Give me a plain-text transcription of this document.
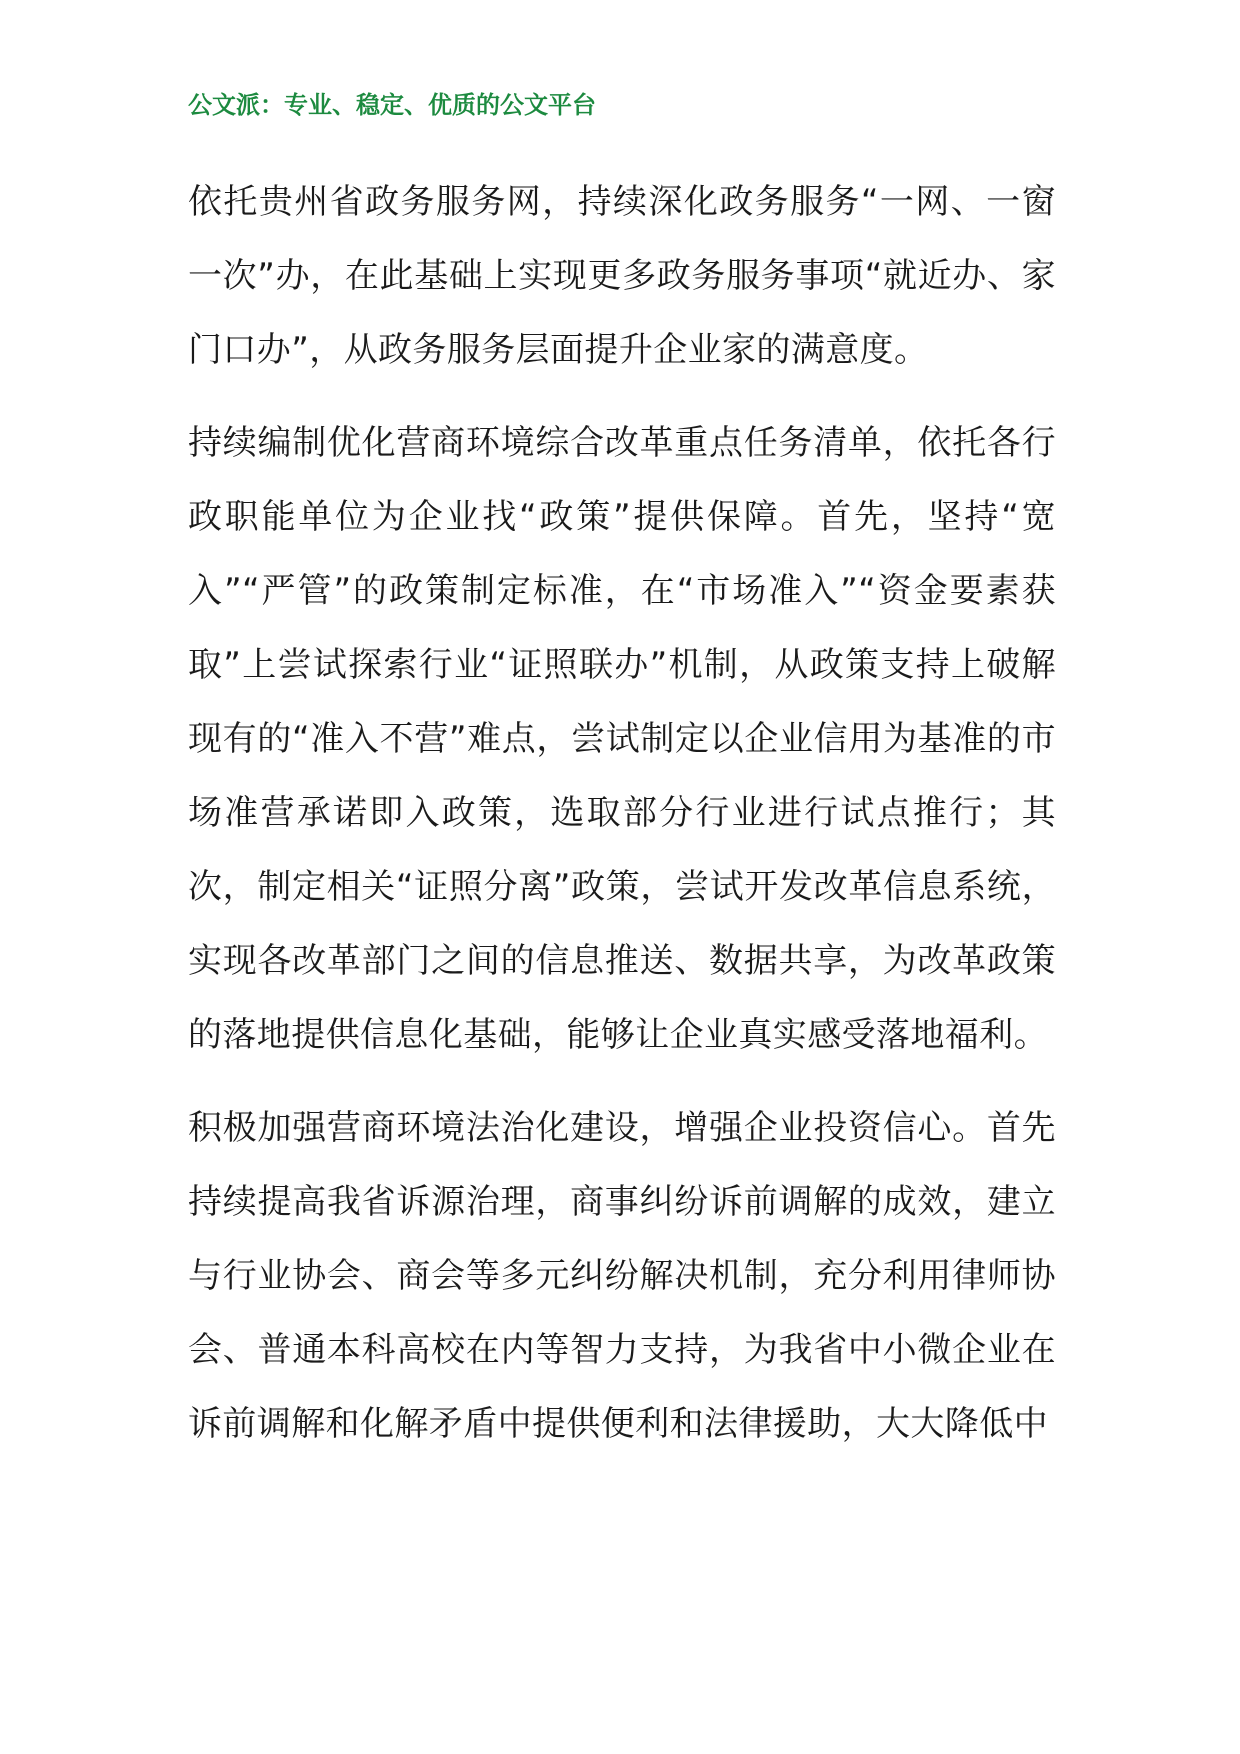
公文派：专业、稳定、优质的公文平台

依托贵州省政务服务网，持续深化政务服务“一网、一窗一次”办，在此基础上实现更多政务服务事项“就近办、家门口办”，从政务服务层面提升企业家的满意度。

持续编制优化营商环境综合改革重点任务清单，依托各行政职能单位为企业找“政策”提供保障。首先，坚持“宽入”“严管”的政策制定标准，在“市场准入”“资金要素获取”上尝试探索行业“证照联办”机制，从政策支持上破解现有的“准入不营”难点，尝试制定以企业信用为基准的市场准营承诺即入政策，选取部分行业进行试点推行；其次，制定相关“证照分离”政策，尝试开发改革信息系统，实现各改革部门之间的信息推送、数据共享，为改革政策的落地提供信息化基础，能够让企业真实感受落地福利。

积极加强营商环境法治化建设，增强企业投资信心。首先持续提高我省诉源治理，商事纠纷诉前调解的成效，建立与行业协会、商会等多元纠纷解决机制，充分利用律师协会、普通本科高校在内等智力支持，为我省中小微企业在诉前调解和化解矛盾中提供便利和法律援助，大大降低中
